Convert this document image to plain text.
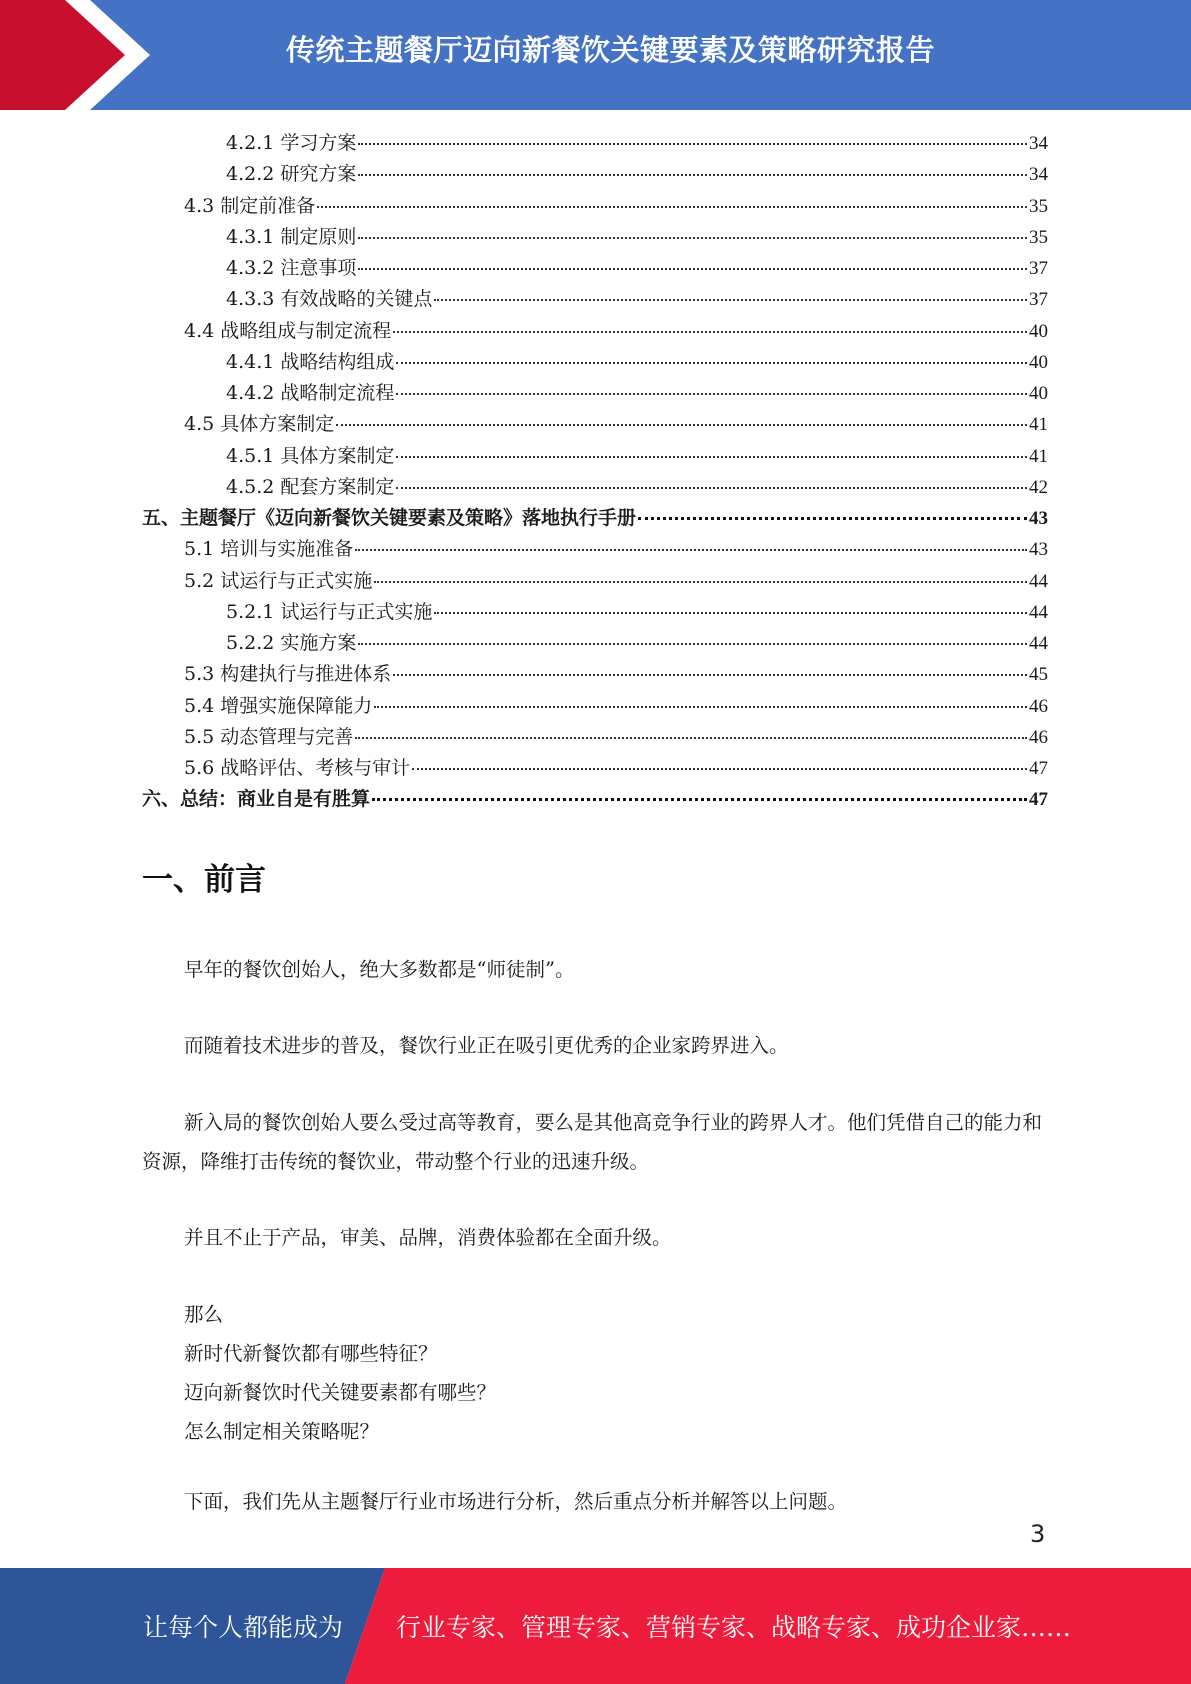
传统主题餐厅迈向新餐饮关键要素及策略研究报告
4.2.1 学习方案	34
4.2.2 研究方案	34
4.3 制定前准备	35
4.3.1 制定原则	35
4.3.2 注意事项	37
4.3.3 有效战略的关键点	37
4.4 战略组成与制定流程	40
4.4.1 战略结构组成	40
4.4.2 战略制定流程	40
4.5 具体方案制定	41
4.5.1 具体方案制定	41
4.5.2 配套方案制定	42
五、主题餐厅《迈向新餐饮关键要素及策略》落地执行手册	43
5.1 培训与实施准备	43
5.2 试运行与正式实施	44
5.2.1 试运行与正式实施	44
5.2.2 实施方案	44
5.3 构建执行与推进体系	45
5.4 增强实施保障能力	46
5.5 动态管理与完善	46
5.6 战略评估、考核与审计	47
六、总结：商业自是有胜算	47
一、前言

早年的餐饮创始人，绝大多数都是“师徒制”。

而随着技术进步的普及，餐饮行业正在吸引更优秀的企业家跨界进入。

新入局的餐饮创始人要么受过高等教育，要么是其他高竞争行业的跨界人才。他们凭借自己的能力和资源，降维打击传统的餐饮业，带动整个行业的迅速升级。

并且不止于产品，审美、品牌，消费体验都在全面升级。

那么

新时代新餐饮都有哪些特征？

迈向新餐饮时代关键要素都有哪些？

怎么制定相关策略呢？

下面，我们先从主题餐厅行业市场进行分析，然后重点分析并解答以上问题。

3
让每个人都能成为 行业专家、管理专家、营销专家、战略专家、成功企业家……
